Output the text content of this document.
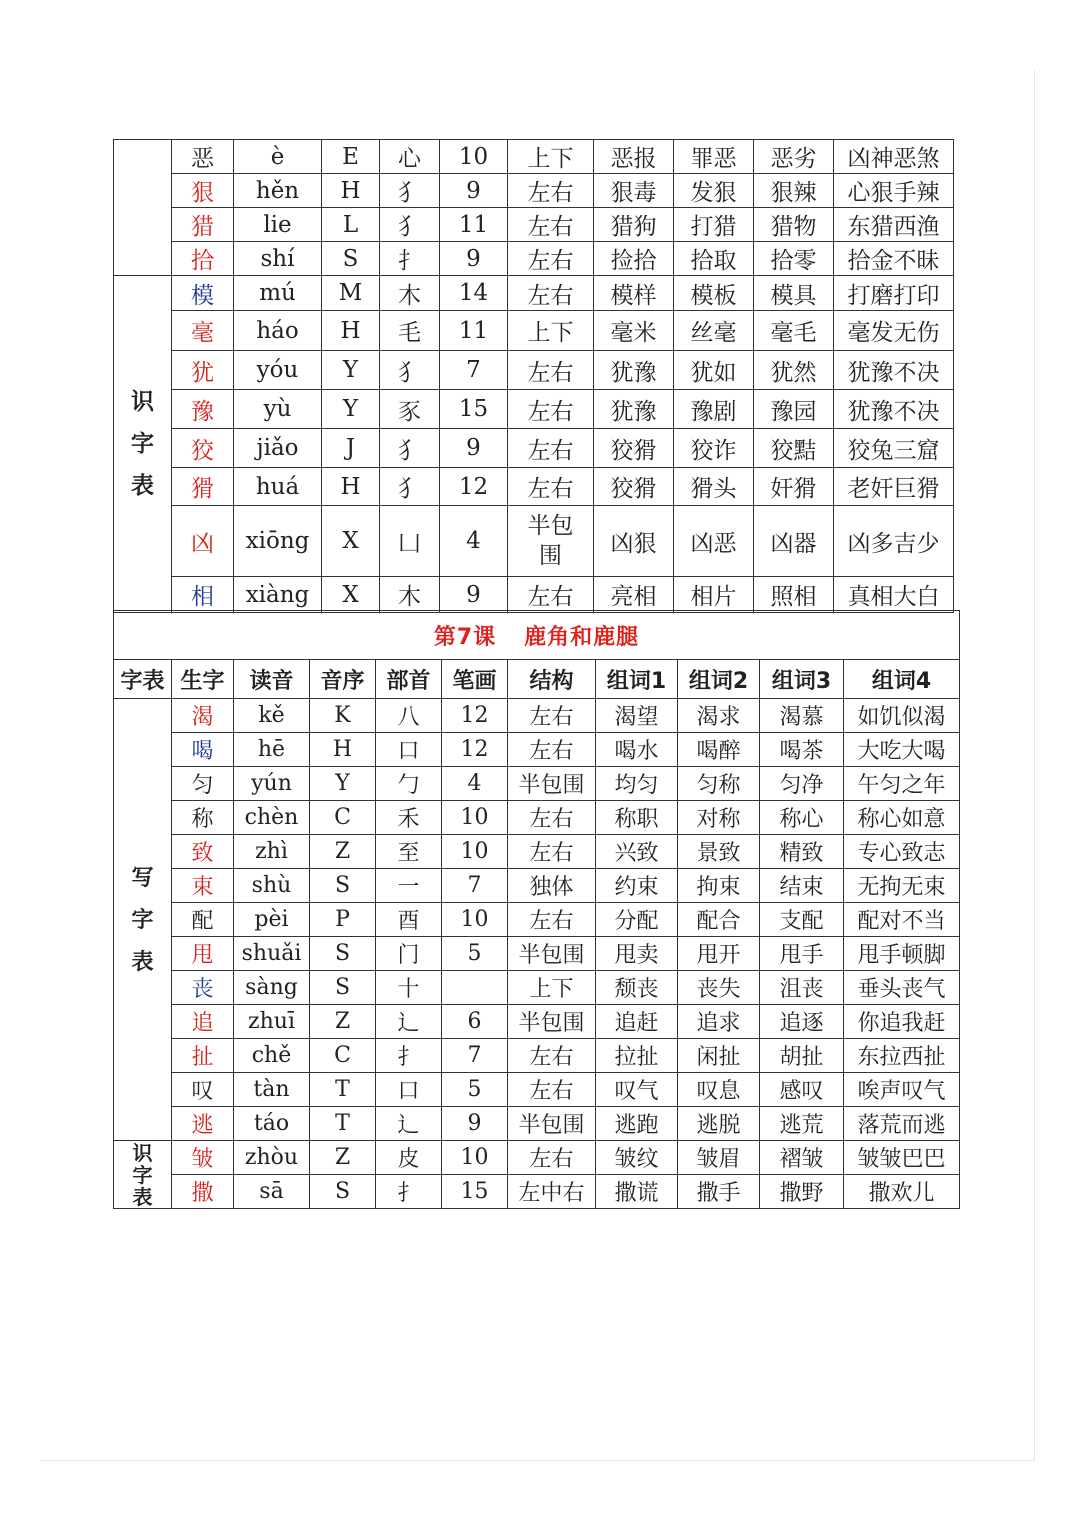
	恶	è	E	心	10	上下	恶报	罪恶	恶劣	凶神恶煞
	狠	hěn	H	犭	9	左右	狠毒	发狠	狠辣	心狠手辣
	猎	lie	L	犭	11	左右	猎狗	打猎	猎物	东猎西渔
	拾	shí	S	扌	9	左右	捡拾	拾取	拾零	拾金不昧
识
字
表	模	mú	M	木	14	左右	模样	模板	模具	打磨打印
	毫	háo	H	毛	11	上下	毫米	丝毫	毫毛	毫发无伤
	犹	yóu	Y	犭	7	左右	犹豫	犹如	犹然	犹豫不决
	豫	yù	Y	豕	15	左右	犹豫	豫剧	豫园	犹豫不决
	狡	jiǎo	J	犭	9	左右	狡猾	狡诈	狡黠	狡兔三窟
	猾	huá	H	犭	12	左右	狡猾	猾头	奸猾	老奸巨猾
	凶	xiōng	X	凵	4	半包
围	凶狠	凶恶	凶器	凶多吉少
	相	xiàng	X	木	9	左右	亮相	相片	照相	真相大白
第7课 鹿角和鹿腿										
字表	生字	读音	音序	部首	笔画	结构	组词1	组词2	组词3	组词4
写
字
表	渴	kě	K	八	12	左右	渴望	渴求	渴慕	如饥似渴
	喝	hē	H	口	12	左右	喝水	喝醉	喝茶	大吃大喝
	匀	yún	Y	勹	4	半包围	均匀	匀称	匀净	午匀之年
	称	chèn	C	禾	10	左右	称职	对称	称心	称心如意
	致	zhì	Z	至	10	左右	兴致	景致	精致	专心致志
	束	shù	S	一	7	独体	约束	拘束	结束	无拘无束
	配	pèi	P	酉	10	左右	分配	配合	支配	配对不当
	甩	shuǎi	S	门	5	半包围	甩卖	甩开	甩手	甩手顿脚
	丧	sàng	S	十		上下	颓丧	丧失	沮丧	垂头丧气
	追	zhuī	Z	辶	6	半包围	追赶	追求	追逐	你追我赶
	扯	chě	C	扌	7	左右	拉扯	闲扯	胡扯	东拉西扯
	叹	tàn	T	口	5	左右	叹气	叹息	感叹	唉声叹气
	逃	táo	T	辶	9	半包围	逃跑	逃脱	逃荒	落荒而逃
识
字
表	皱	zhòu	Z	皮	10	左右	皱纹	皱眉	褶皱	皱皱巴巴
	撒	sā	S	扌	15	左中右	撒谎	撒手	撒野	撒欢儿
